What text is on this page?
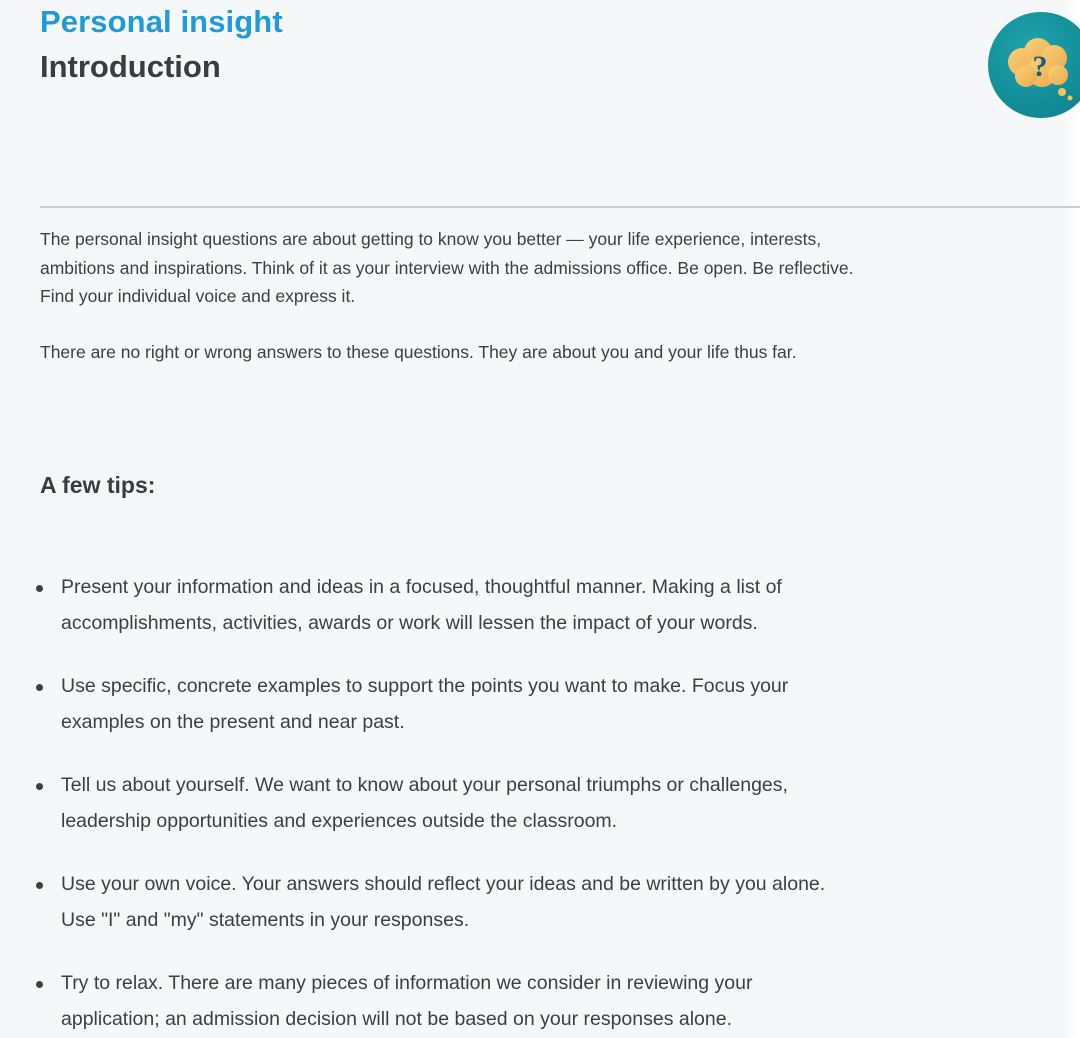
Personal insight
Introduction	?

The personal insight questions are about getting to know you better — your life experience, interests, ambitions and inspirations. Think of it as your interview with the admissions office. Be open. Be reflective. Find your individual voice and express it.

There are no right or wrong answers to these questions. They are about you and your life thus far.

A few tips:
Present your information and ideas in a focused, thoughtful manner. Making a list of accomplishments, activities, awards or work will lessen the impact of your words.
Use specific, concrete examples to support the points you want to make. Focus your examples on the present and near past.
Tell us about yourself. We want to know about your personal triumphs or challenges, leadership opportunities and experiences outside the classroom.
Use your own voice. Your answers should reflect your ideas and be written by you alone. Use "I" and "my" statements in your responses.
Try to relax. There are many pieces of information we consider in reviewing your application; an admission decision will not be based on your responses alone.
